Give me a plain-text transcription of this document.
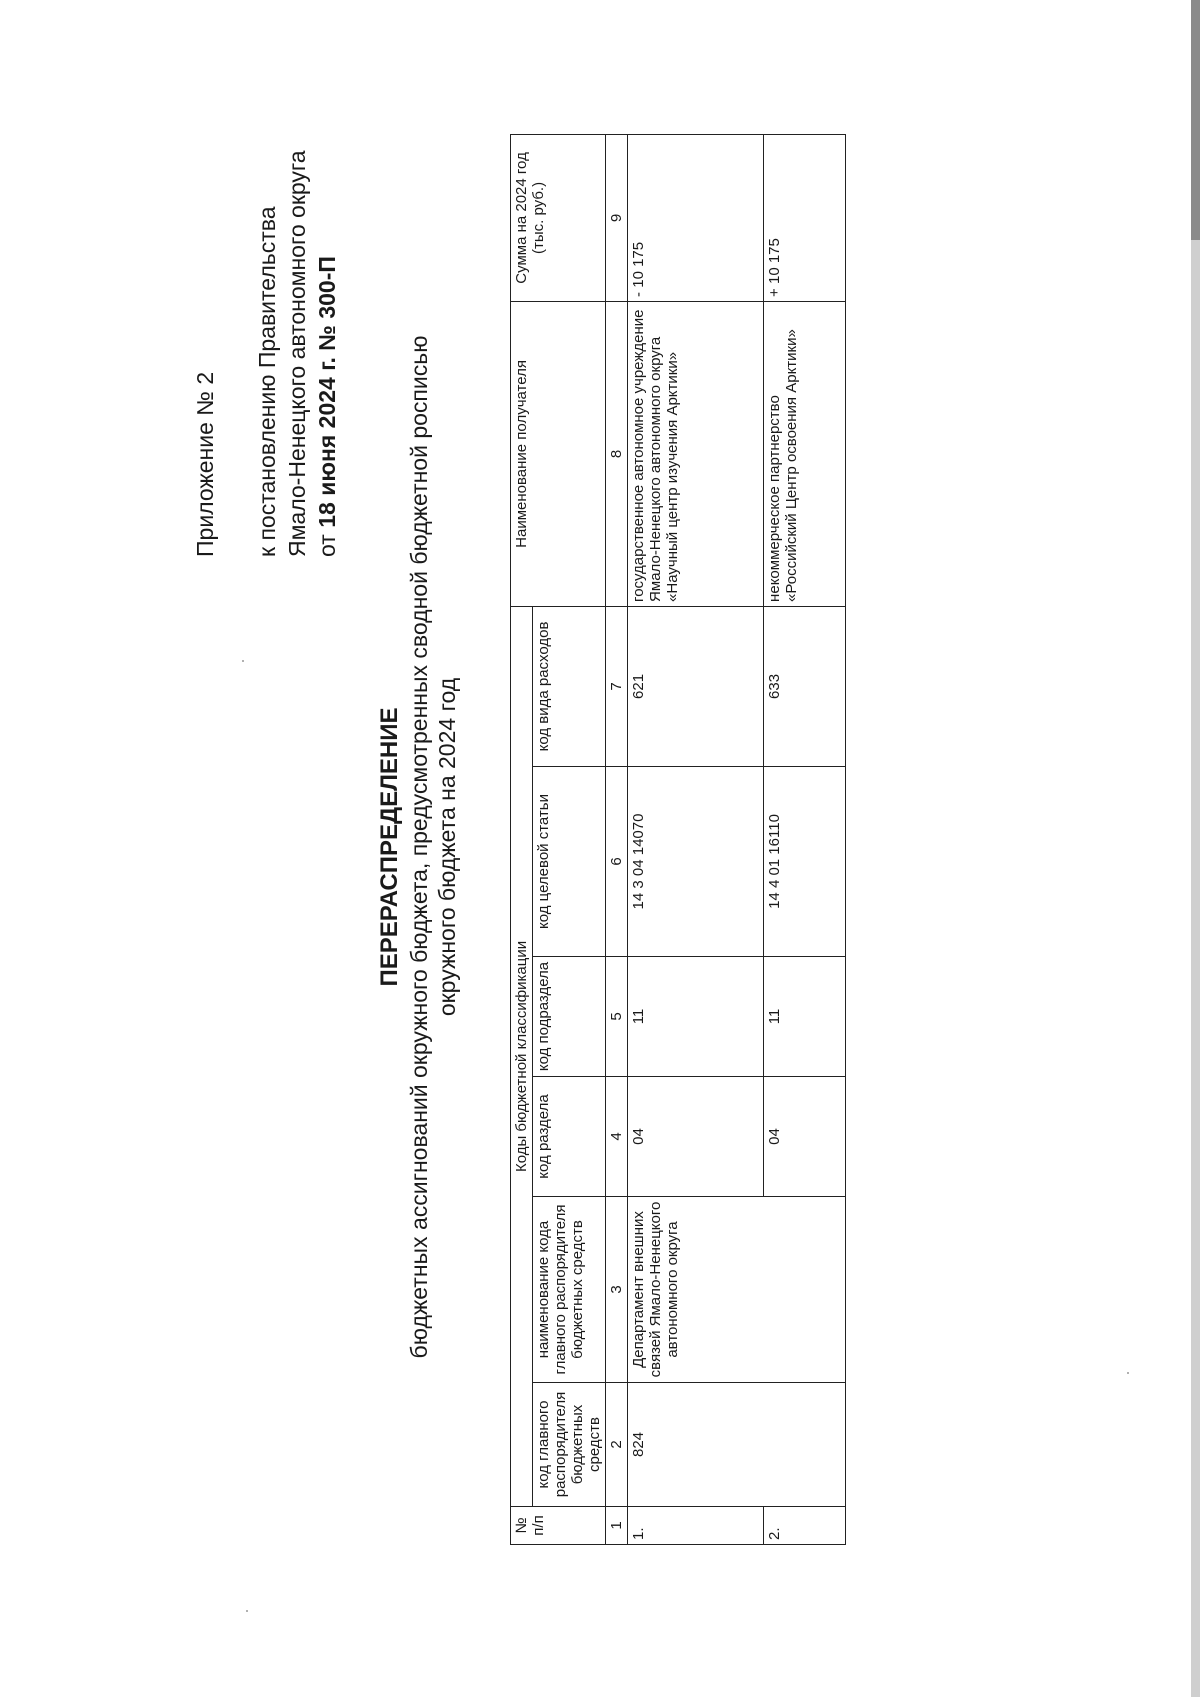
Приложение № 2 к постановлению Правительства Ямало-Ненецкого автономного округа от 18 июня 2024 г. № 300-П
ПЕРЕРАСПРЕДЕЛЕНИЕ бюджетных ассигнований окружного бюджета, предусмотренных сводной бюджетной росписью окружного бюджета на 2024 год
№ п/п	Коды бюджетной классификации						Наименование получателя	Сумма на 2024 год (тыс. руб.)
	код главного распорядителя бюджетных средств	наименование кода главного распорядителя бюджетных средств	код раздела	код подраздела	код целевой статьи	код вида расходов		
1	2	3	4	5	6	7	8	9
1.	824	Департамент внешних связей Ямало-Ненецкого автономного округа	04	11	14 3 04 14070	621	государственное автономное учреждение Ямало-Ненецкого автономного округа «Научный центр изучения Арктики»	- 10 175
2.			04	11	14 4 01 16110	633	некоммерческое партнерство «Российский Центр освоения Арктики»	+ 10 175
